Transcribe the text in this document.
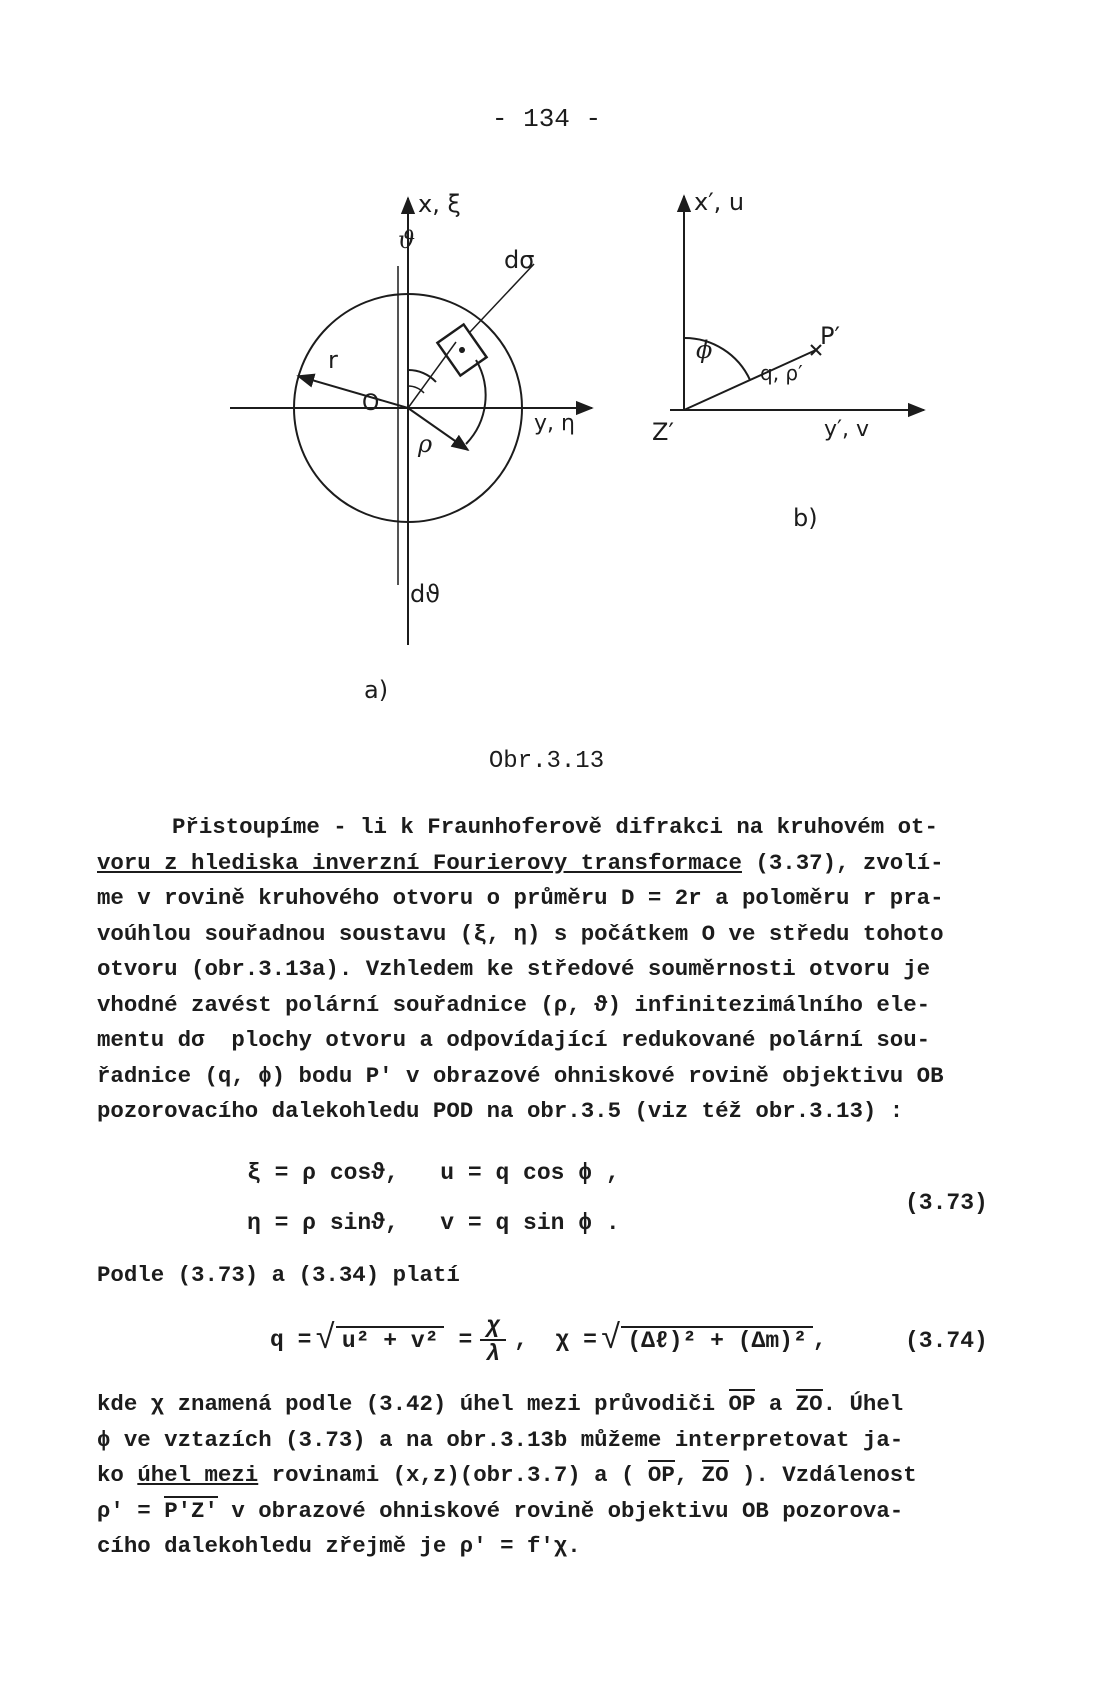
- 134 -
x, ξ
ϑ
dσ
r
O
y, η
ρ
dϑ
a)
x′, u
P′
ϕ
q, ρ′
Z′	y′, v
b)
Obr.3.13
Přistoupíme - li k Fraunhoferově difrakci na kruhovém ot-
voru z hlediska inverzní Fourierovy transformace (3.37), zvolí-
me v rovině kruhového otvoru o průměru D = 2r a poloměru r pra-
voúhlou souřadnou soustavu (ξ, η) s počátkem O ve středu tohoto
otvoru (obr.3.13a). Vzhledem ke středové souměrnosti otvoru je
vhodné zavést polární souřadnice (ρ, ϑ) infinitezimálního ele-
mentu dσ  plochy otvoru a odpovídající redukované polární sou-
řadnice (q, ϕ) bodu P′ v obrazové ohniskové rovině objektivu OB
pozorovacího dalekohledu POD na obr.3.5 (viz též obr.3.13) :
ξ = ρ cosϑ,   u = q cos ϕ ,
η = ρ sinϑ,   v = q sin ϕ .
(3.73)
Podle (3.73) a (3.34) platí
q = √ $u^2 + v^2 = \frac{\chi}{\lambda}$ ,  χ = √ (Δℓ)² + (Δm)² ,	(3.74)
kde χ znamená podle (3.42) úhel mezi průvodiči OP a ZO. Úhel
ϕ ve vztazích (3.73) a na obr.3.13b můžeme interpretovat ja-
ko úhel mezi rovinami (x,z)(obr.3.7) a ( OP, ZO ). Vzdálenost
ρ′ = P′Z′ v obrazové ohniskové rovině objektivu OB pozorova-
cího dalekohledu zřejmě je ρ′ = f′χ.
